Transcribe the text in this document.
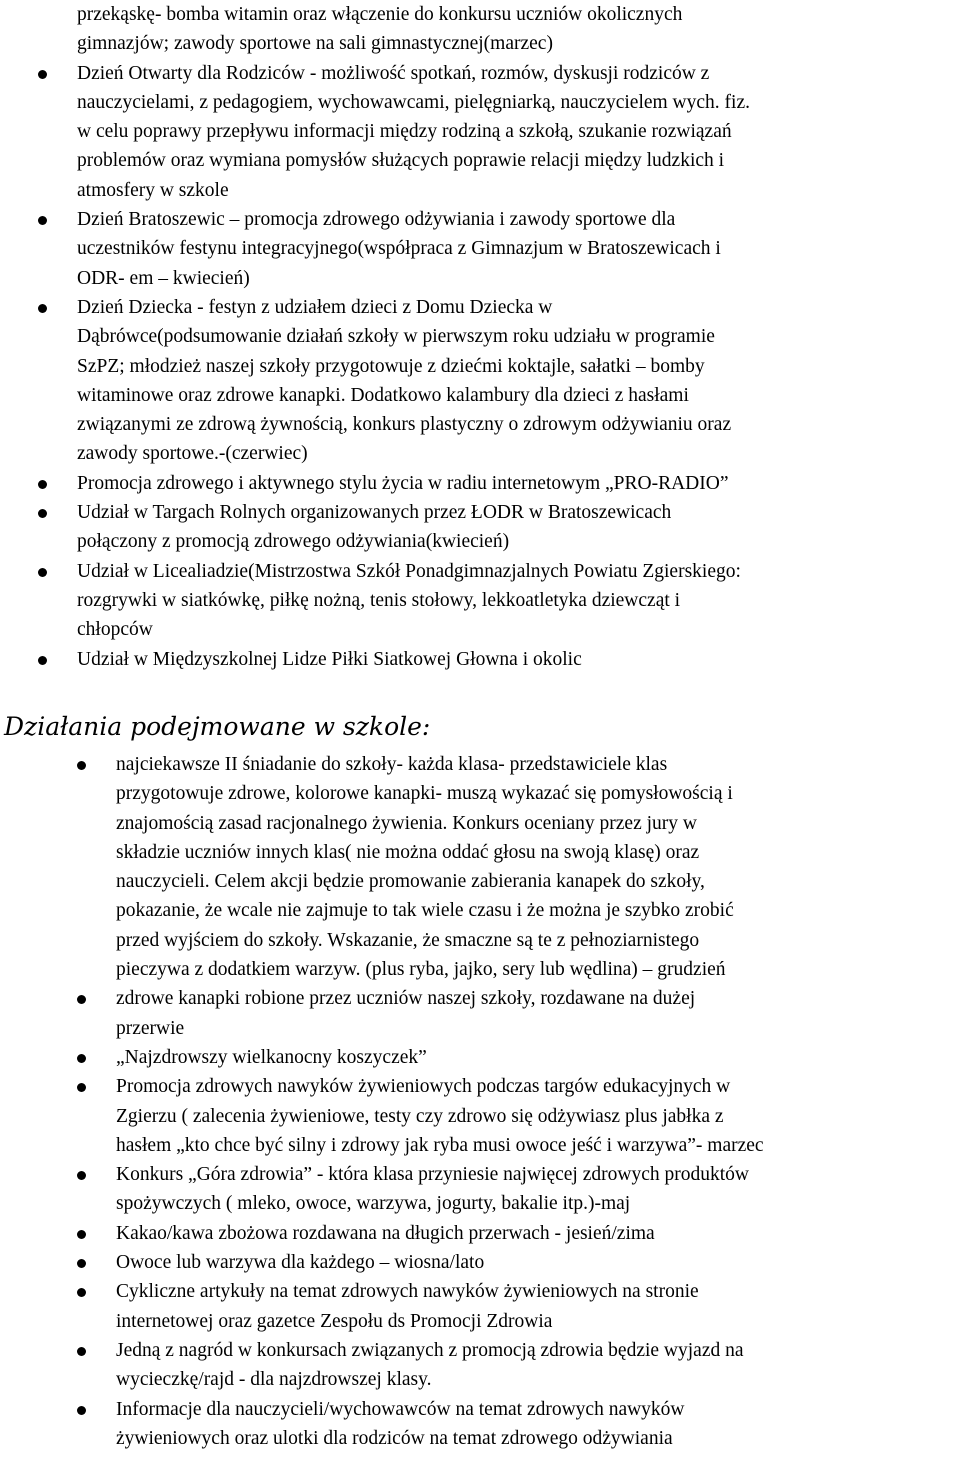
przekąskę- bomba witamin oraz włączenie do konkursu uczniów okolicznych
gimnazjów; zawody sportowe na sali gimnastycznej(marzec)
Dzień Otwarty dla Rodziców - możliwość spotkań, rozmów, dyskusji rodziców z
nauczycielami, z pedagogiem, wychowawcami, pielęgniarką, nauczycielem wych. fiz.
w celu poprawy przepływu informacji między rodziną a szkołą, szukanie rozwiązań
problemów oraz wymiana pomysłów służących poprawie relacji między ludzkich i
atmosfery w szkole
Dzień Bratoszewic – promocja zdrowego odżywiania i zawody sportowe dla
uczestników festynu integracyjnego(współpraca z Gimnazjum w Bratoszewicach i
ODR- em – kwiecień)
Dzień Dziecka - festyn z udziałem dzieci z Domu Dziecka w
Dąbrówce(podsumowanie działań szkoły w pierwszym roku udziału w programie
SzPZ; młodzież naszej szkoły przygotowuje z dziećmi koktajle, sałatki – bomby
witaminowe oraz zdrowe kanapki. Dodatkowo kalambury dla dzieci z hasłami
związanymi ze zdrową żywnością, konkurs plastyczny o zdrowym odżywianiu oraz
zawody sportowe.-(czerwiec)
Promocja zdrowego i aktywnego stylu życia w radiu internetowym „PRO-RADIO”
Udział w Targach Rolnych organizowanych przez ŁODR w Bratoszewicach
połączony z promocją zdrowego odżywiania(kwiecień)
Udział w Licealiadzie(Mistrzostwa Szkół Ponadgimnazjalnych Powiatu Zgierskiego:
rozgrywki w siatkówkę, piłkę nożną, tenis stołowy, lekkoatletyka dziewcząt i
chłopców
Udział w Międzyszkolnej Lidze Piłki Siatkowej Głowna i okolic
Działania podejmowane w szkole:
najciekawsze II śniadanie do szkoły- każda klasa- przedstawiciele klas
przygotowuje zdrowe, kolorowe kanapki- muszą wykazać się pomysłowością i
znajomością zasad racjonalnego żywienia. Konkurs oceniany przez jury w
składzie uczniów innych klas( nie można oddać głosu na swoją klasę) oraz
nauczycieli. Celem akcji będzie promowanie zabierania kanapek do szkoły,
pokazanie, że wcale nie zajmuje to tak wiele czasu i że można je szybko zrobić
przed wyjściem do szkoły. Wskazanie, że smaczne są te z pełnoziarnistego
pieczywa z dodatkiem warzyw. (plus ryba, jajko, sery lub wędlina) – grudzień
zdrowe kanapki robione przez uczniów naszej szkoły, rozdawane na dużej
przerwie
„Najzdrowszy wielkanocny koszyczek”
Promocja zdrowych nawyków żywieniowych podczas targów edukacyjnych w
Zgierzu ( zalecenia żywieniowe, testy czy zdrowo się odżywiasz plus jabłka z
hasłem „kto chce być silny i zdrowy jak ryba musi owoce jeść i warzywa”- marzec
Konkurs „Góra zdrowia” - która klasa przyniesie najwięcej zdrowych produktów
spożywczych ( mleko, owoce, warzywa, jogurty, bakalie itp.)-maj
Kakao/kawa zbożowa rozdawana na długich przerwach - jesień/zima
Owoce lub warzywa dla każdego – wiosna/lato
Cykliczne artykuły na temat zdrowych nawyków żywieniowych na stronie
internetowej oraz gazetce Zespołu ds Promocji Zdrowia
Jedną z nagród w konkursach związanych z promocją zdrowia będzie wyjazd na
wycieczkę/rajd - dla najzdrowszej klasy.
Informacje dla nauczycieli/wychowawców na temat zdrowych nawyków
żywieniowych oraz ulotki dla rodziców na temat zdrowego odżywiania
